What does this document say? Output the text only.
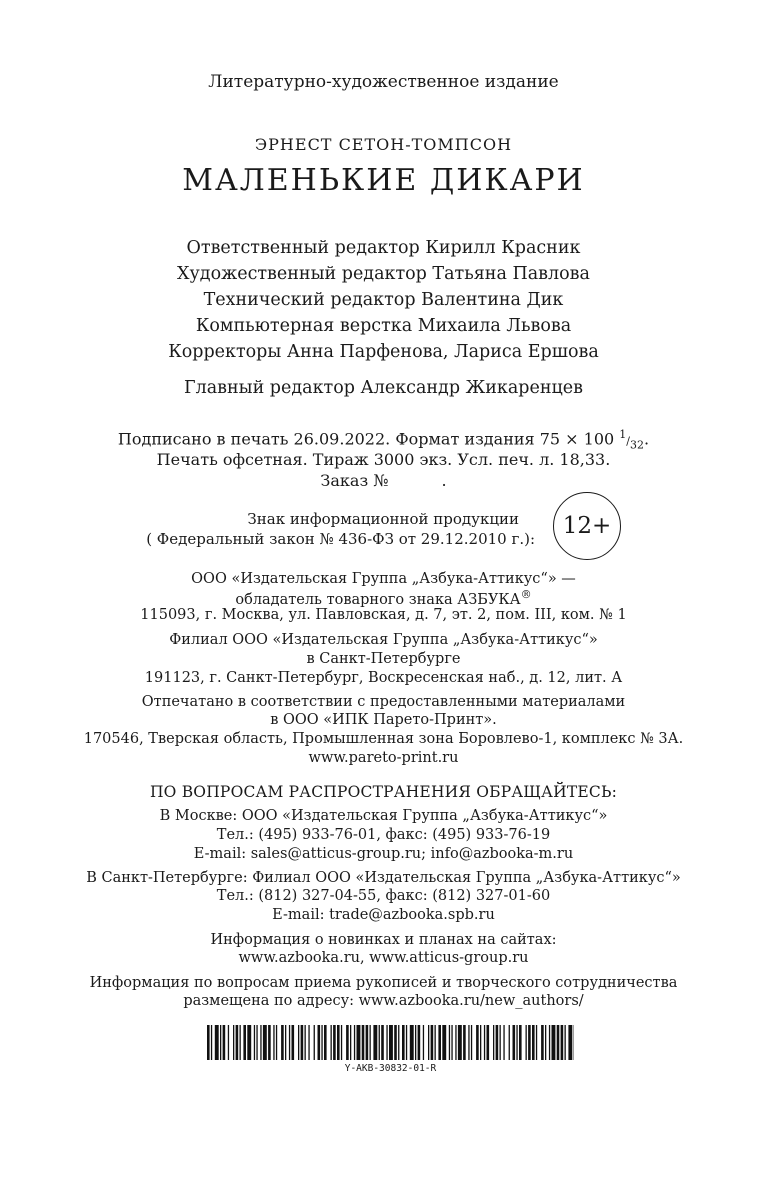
Литературно-художественное издание
ЭРНЕСТ СЕТОН-ТОМПСОН
МАЛЕНЬКИЕ ДИКАРИ
Ответственный редактор Кирилл Красник
Художественный редактор Татьяна Павлова
Технический редактор Валентина Дик
Компьютерная верстка Михаила Львова
Корректоры Анна Парфенова, Лариса Ершова
Главный редактор Александр Жикаренцев
Подписано в печать 26.09.2022. Формат издания 75 × 100 $^1/_{32}$.
Печать офсетная. Тираж 3000 экз. Усл. печ. л. 18,33.
Заказ №	.
Знак информационной продукции
( Федеральный закон № 436-ФЗ от 29.12.2010 г.):	12+
ООО «Издательская Группа „Азбука-Аттикус“» —
обладатель товарного знака АЗБУКА®
115093, г. Москва, ул. Павловская, д. 7, эт. 2, пом. III, ком. № 1
Филиал ООО «Издательская Группа „Азбука-Аттикус“»
в Санкт-Петербурге
191123, г. Санкт-Петербург, Воскресенская наб., д. 12, лит. А
Отпечатано в соответствии с предоставленными материалами
в ООО «ИПК Парето-Принт».
170546, Тверская область, Промышленная зона Боровлево-1, комплекс № 3А.
www.pareto-print.ru
ПО ВОПРОСАМ РАСПРОСТРАНЕНИЯ ОБРАЩАЙТЕСЬ:
В Москве: ООО «Издательская Группа „Азбука-Аттикус“»
Тел.: (495) 933-76-01, факс: (495) 933-76-19
E-mail: sales@atticus-group.ru; info@azbooka-m.ru
В Санкт-Петербурге: Филиал ООО «Издательская Группа „Азбука-Аттикус“»
Тел.: (812) 327-04-55, факс: (812) 327-01-60
E-mail: trade@azbooka.spb.ru
Информация о новинках и планах на сайтах:
www.azbooka.ru, www.atticus-group.ru
Информация по вопросам приема рукописей и творческого сотрудничества
размещена по адресу: www.azbooka.ru/new_authors/
Y-AKB-30832-01-R
